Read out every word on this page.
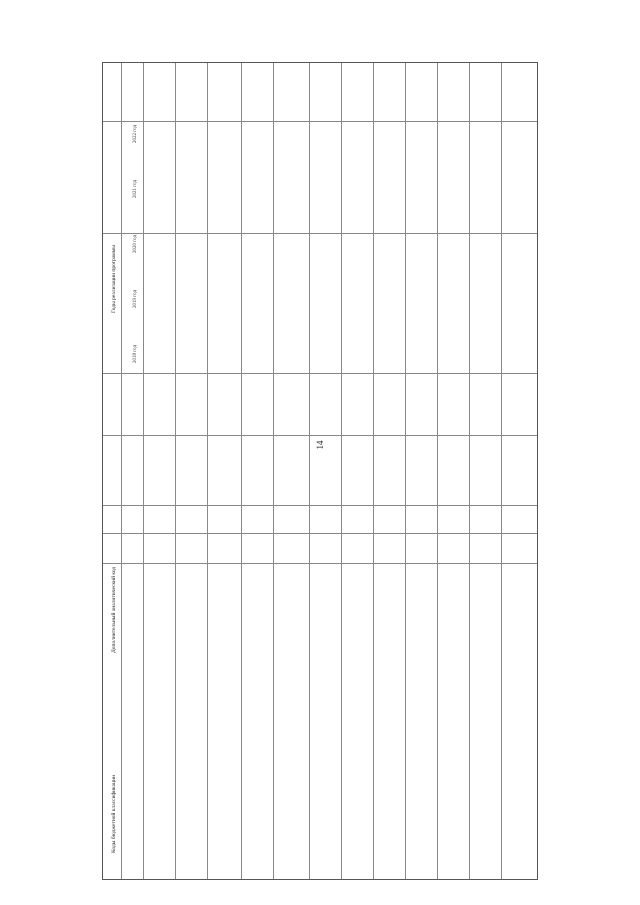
14
Коды бюджетной классификации
Дополнительный аналитический код
Годы реализации программы
2018 год
2019 год
2020 год
2021 год
2022 год
